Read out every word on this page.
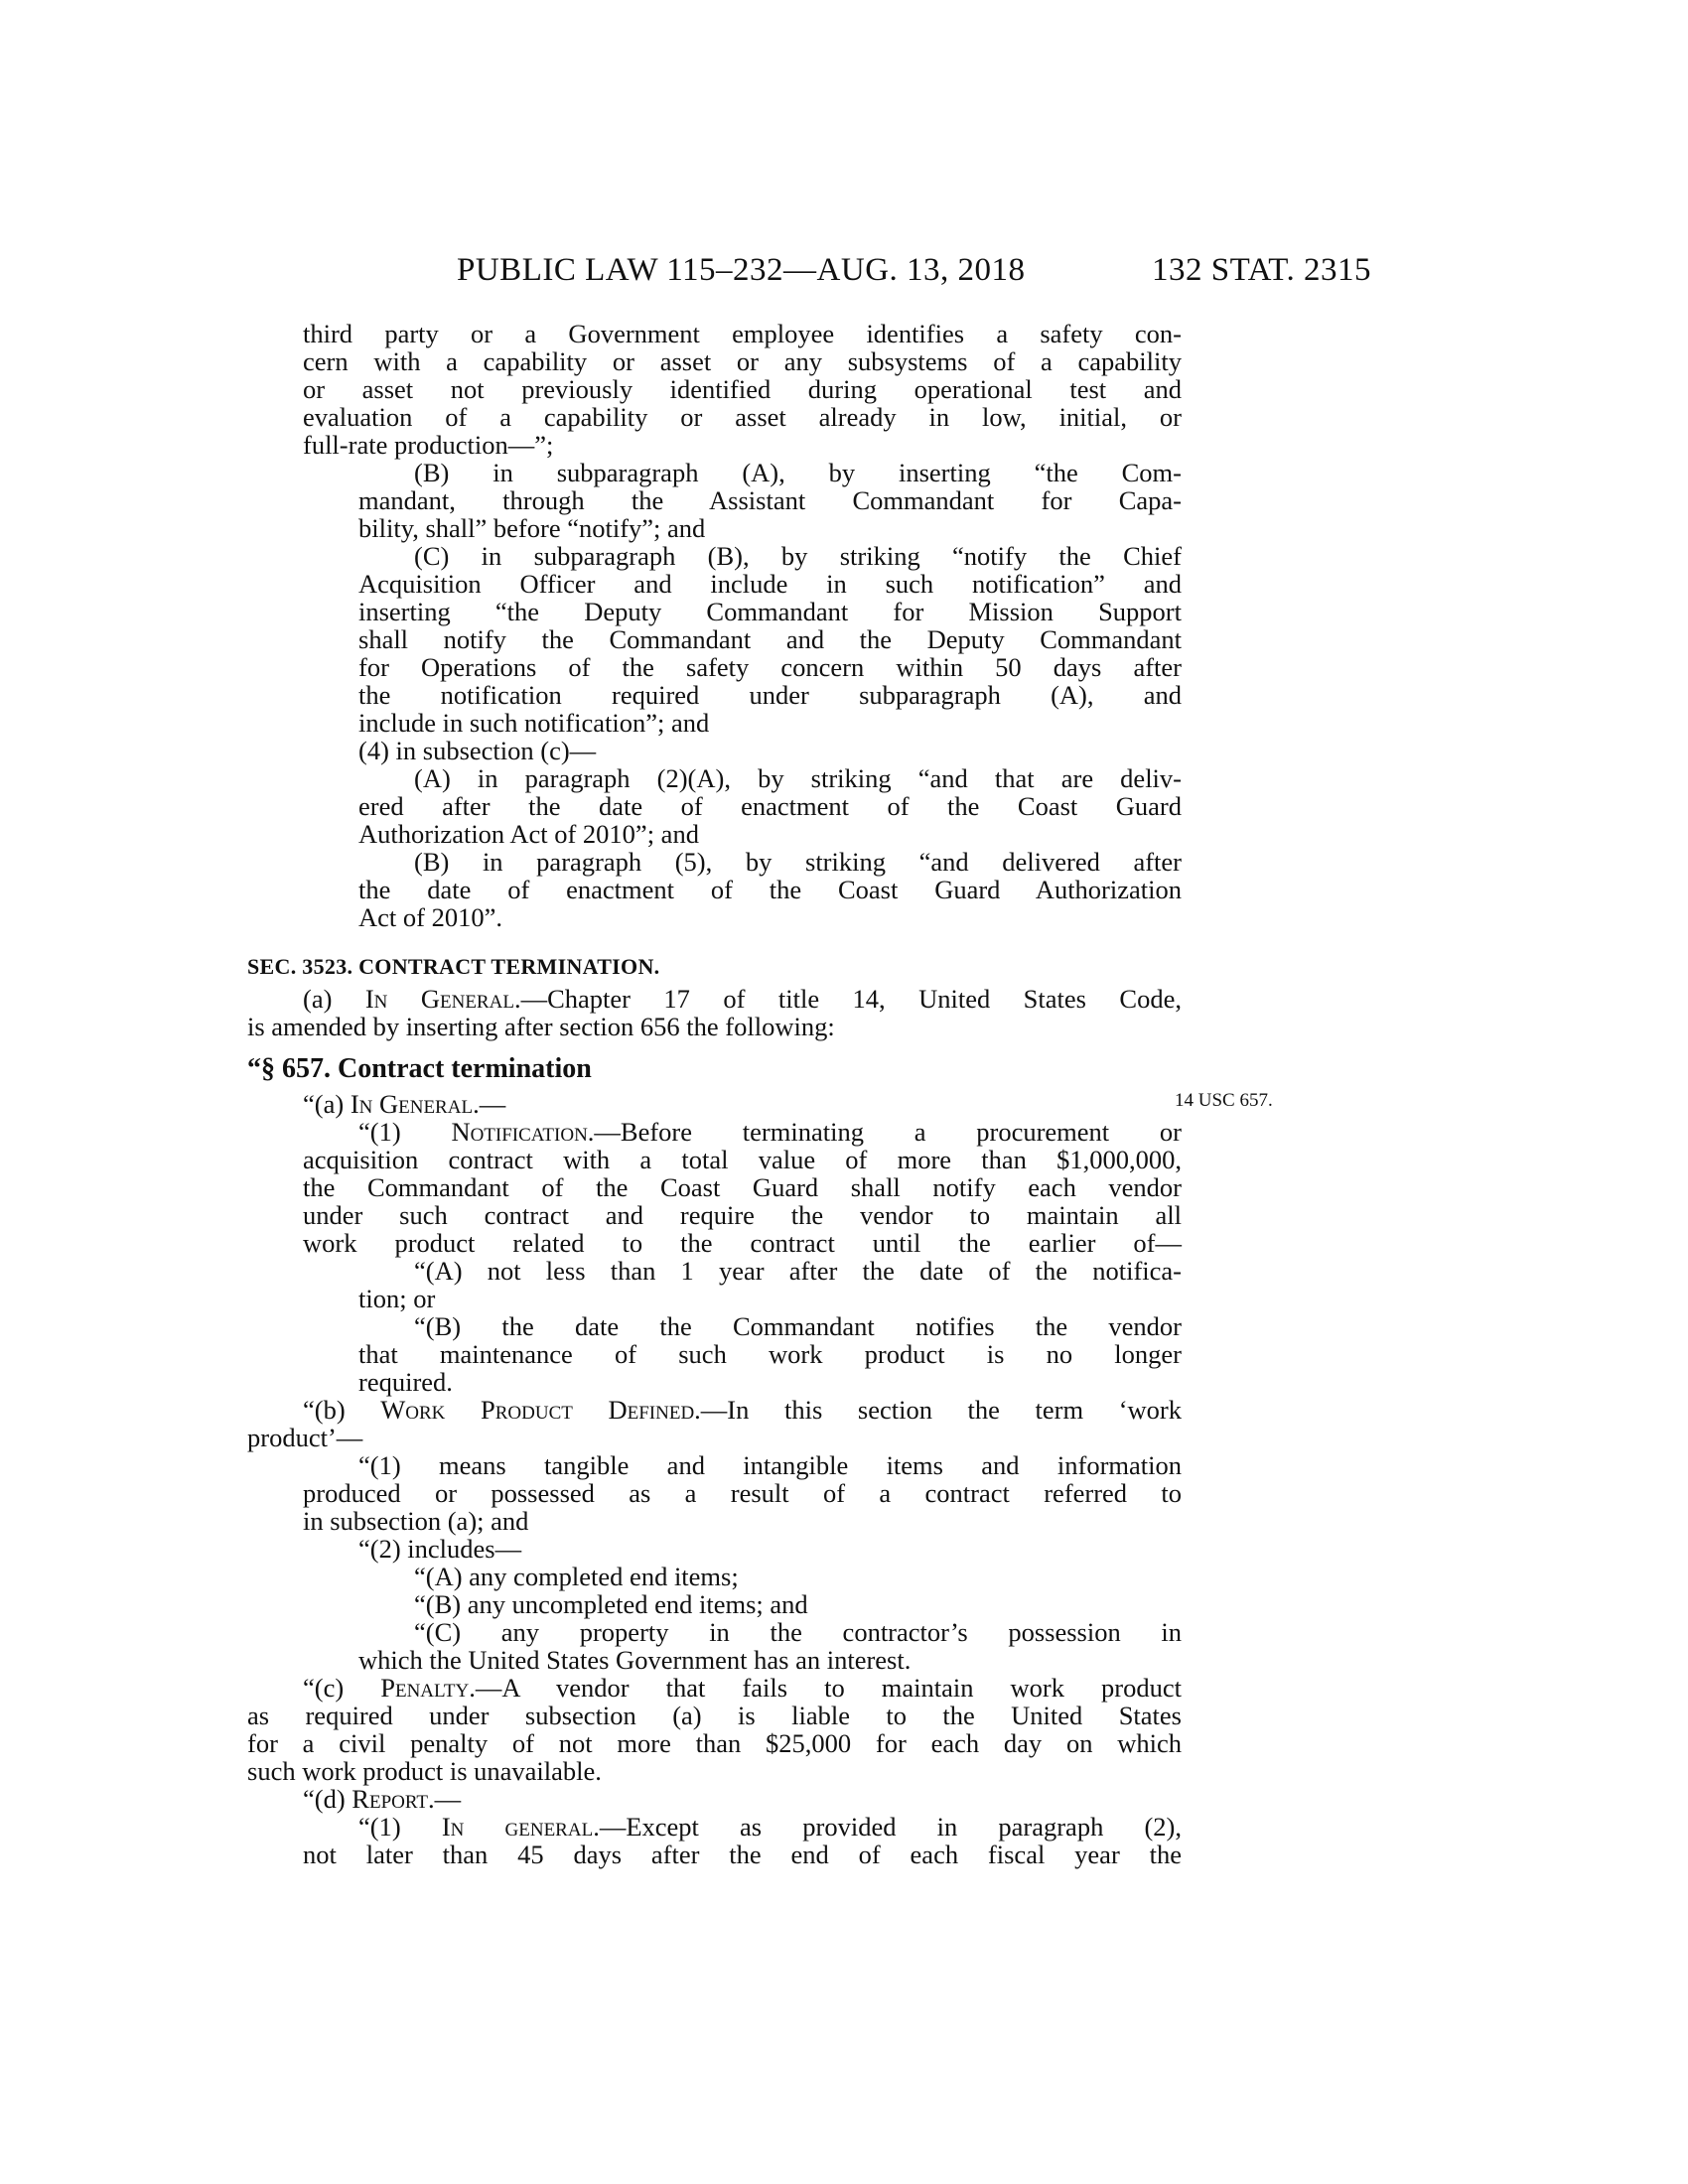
PUBLIC LAW 115–232—AUG. 13, 2018	132 STAT. 2315
14 USC 657.
third party or a Government employee identifies a safety con-
cern with a capability or asset or any subsystems of a capability
or asset not previously identified during operational test and
evaluation of a capability or asset already in low, initial, or
full-rate production—”;
(B) in subparagraph (A), by inserting “the Com-
mandant, through the Assistant Commandant for Capa-
bility, shall” before “notify”; and
(C) in subparagraph (B), by striking “notify the Chief
Acquisition Officer and include in such notification” and
inserting “the Deputy Commandant for Mission Support
shall notify the Commandant and the Deputy Commandant
for Operations of the safety concern within 50 days after
the notification required under subparagraph (A), and
include in such notification”; and
(4) in subsection (c)—
(A) in paragraph (2)(A), by striking “and that are deliv-
ered after the date of enactment of the Coast Guard
Authorization Act of 2010”; and
(B) in paragraph (5), by striking “and delivered after
the date of enactment of the Coast Guard Authorization
Act of 2010”.
SEC. 3523. CONTRACT TERMINATION.
(a) In General.—Chapter 17 of title 14, United States Code,
is amended by inserting after section 656 the following:
“§ 657. Contract termination
“(a) In General.—
“(1) Notification.—Before terminating a procurement or
acquisition contract with a total value of more than $1,000,000,
the Commandant of the Coast Guard shall notify each vendor
under such contract and require the vendor to maintain all
work product related to the contract until the earlier of—
“(A) not less than 1 year after the date of the notifica-
tion; or
“(B) the date the Commandant notifies the vendor
that maintenance of such work product is no longer
required.
“(b) Work Product Defined.—In this section the term ‘work
product’—
“(1) means tangible and intangible items and information
produced or possessed as a result of a contract referred to
in subsection (a); and
“(2) includes—
“(A) any completed end items;
“(B) any uncompleted end items; and
“(C) any property in the contractor’s possession in
which the United States Government has an interest.
“(c) Penalty.—A vendor that fails to maintain work product
as required under subsection (a) is liable to the United States
for a civil penalty of not more than $25,000 for each day on which
such work product is unavailable.
“(d) Report.—
“(1) In general.—Except as provided in paragraph (2),
not later than 45 days after the end of each fiscal year the
